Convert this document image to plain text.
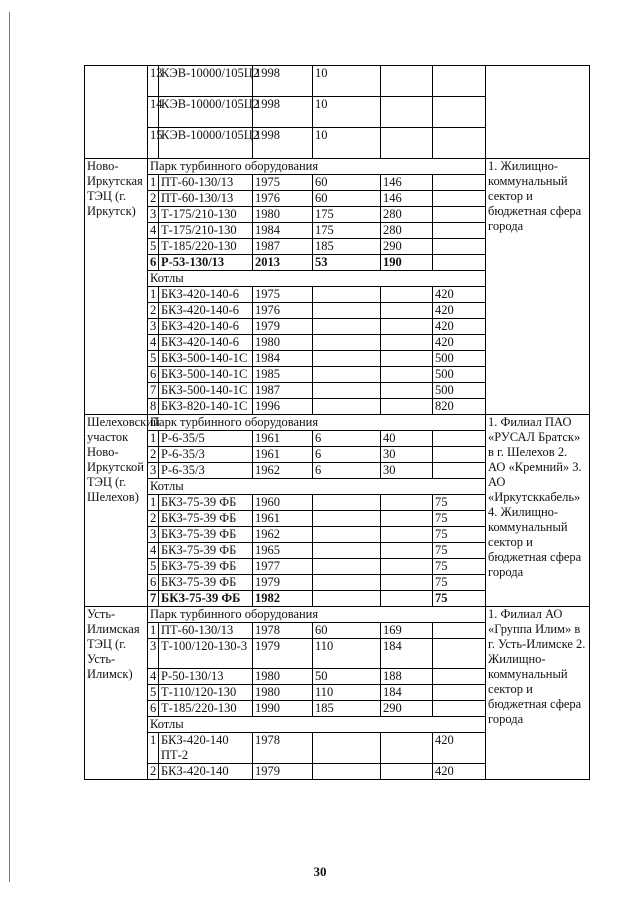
	13	КЭВ-10000/105Ц2	1998	10			
	14	КЭВ-10000/105Ц2	1998	10			
	15	КЭВ-10000/105Ц2	1998	10			
Ново-Иркутская ТЭЦ (г. Иркутск)	Парк турбинного оборудования						1. Жилищно-коммунальный сектор и бюджетная сфера города
	1	ПТ-60-130/13	1975	60	146		
	2	ПТ-60-130/13	1976	60	146		
	3	Т-175/210-130	1980	175	280		
	4	Т-175/210-130	1984	175	280		
	5	Т-185/220-130	1987	185	290		
	6	Р-53-130/13	2013	53	190		
	Котлы						
	1	БКЗ-420-140-6	1975			420	
	2	БКЗ-420-140-6	1976			420	
	3	БКЗ-420-140-6	1979			420	
	4	БКЗ-420-140-6	1980			420	
	5	БКЗ-500-140-1С	1984			500	
	6	БКЗ-500-140-1С	1985			500	
	7	БКЗ-500-140-1С	1987			500	
	8	БКЗ-820-140-1С	1996			820	
Шелеховский участок Ново-Иркутской ТЭЦ (г. Шелехов)	Парк турбинного оборудования						1. Филиал ПАО «РУСАЛ Братск» в г. Шелехов 2. АО «Кремний» 3. АО «Иркутсккабель» 4. Жилищно-коммунальный сектор и бюджетная сфера города
	1	Р-6-35/5	1961	6	40		
	2	Р-6-35/3	1961	6	30		
	3	Р-6-35/3	1962	6	30		
	Котлы						
	1	БКЗ-75-39 ФБ	1960			75	
	2	БКЗ-75-39 ФБ	1961			75	
	3	БКЗ-75-39 ФБ	1962			75	
	4	БКЗ-75-39 ФБ	1965			75	
	5	БКЗ-75-39 ФБ	1977			75	
	6	БКЗ-75-39 ФБ	1979			75	
	7	БКЗ-75-39 ФБ	1982			75	
Усть-Илимская ТЭЦ (г. Усть-Илимск)	Парк турбинного оборудования						1. Филиал АО «Группа Илим» в г. Усть-Илимске 2. Жилищно-коммунальный сектор и бюджетная сфера города
	1	ПТ-60-130/13	1978	60	169		
	3	Т-100/120-130-3	1979	110	184		
	4	Р-50-130/13	1980	50	188		
	5	Т-110/120-130	1980	110	184		
	6	Т-185/220-130	1990	185	290		
	Котлы						
	1	БКЗ-420-140 ПТ-2	1978			420	
	2	БКЗ-420-140	1979			420	
30
